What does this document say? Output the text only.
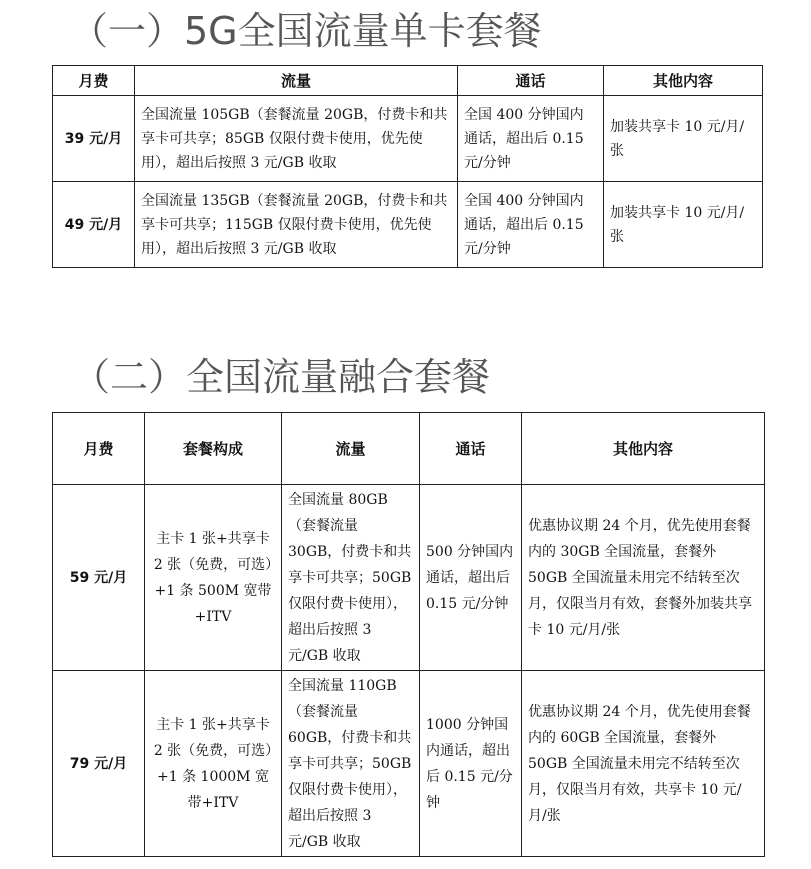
（一）5G全国流量单卡套餐
月费	流量	通话	其他内容
39 元/月	全国流量 105GB（套餐流量 20GB，付费卡和共享卡可共享；85GB 仅限付费卡使用，优先使用），超出后按照 3 元/GB 收取	全国 400 分钟国内通话，超出后 0.15 元/分钟	加装共享卡 10 元/月/张
49 元/月	全国流量 135GB（套餐流量 20GB，付费卡和共享卡可共享；115GB 仅限付费卡使用，优先使用），超出后按照 3 元/GB 收取	全国 400 分钟国内通话，超出后 0.15 元/分钟	加装共享卡 10 元/月/张
（二）全国流量融合套餐
月费	套餐构成	流量	通话	其他内容
59 元/月	主卡 1 张+共享卡 2 张（免费，可选）+1 条 500M 宽带+ITV	全国流量 80GB（套餐流量 30GB，付费卡和共享卡可共享；50GB 仅限付费卡使用），超出后按照 3 元/GB 收取	500 分钟国内通话，超出后 0.15 元/分钟	优惠协议期 24 个月，优先使用套餐内的 30GB 全国流量，套餐外 50GB 全国流量未用完不结转至次月，仅限当月有效，套餐外加装共享卡 10 元/月/张
79 元/月	主卡 1 张+共享卡 2 张（免费，可选）+1 条 1000M 宽带+ITV	全国流量 110GB（套餐流量 60GB，付费卡和共享卡可共享；50GB 仅限付费卡使用），超出后按照 3 元/GB 收取	1000 分钟国内通话，超出后 0.15 元/分钟	优惠协议期 24 个月，优先使用套餐内的 60GB 全国流量，套餐外 50GB 全国流量未用完不结转至次月，仅限当月有效，共享卡 10 元/月/张
